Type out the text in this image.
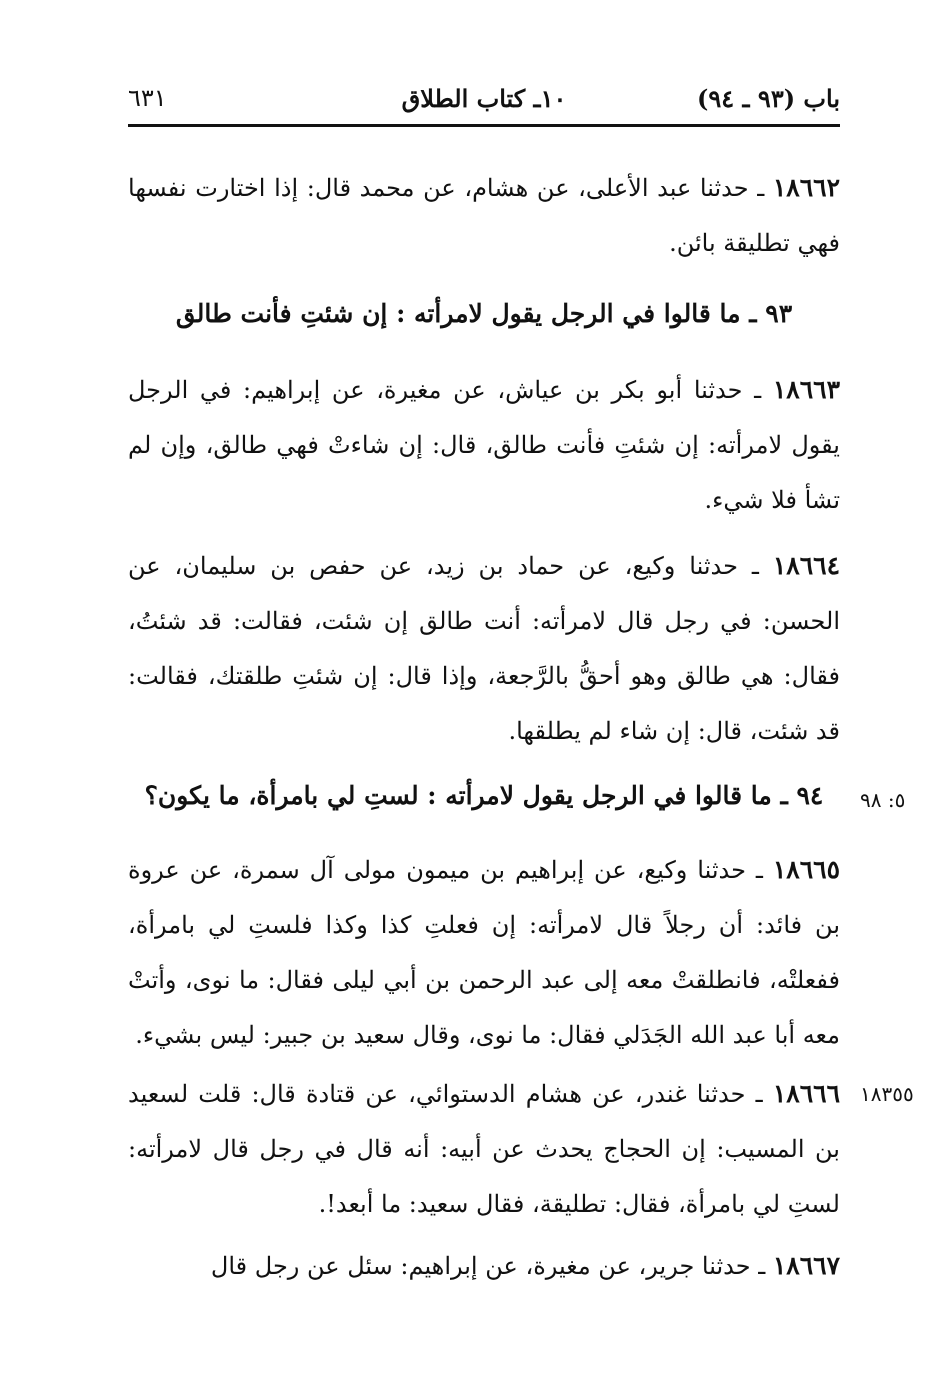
باب (٩٣ ـ ٩٤)
١٠ـ كتاب الطلاق
٦٣١
١٨٦٦٢ ـ حدثنا عبد الأعلى، عن هشام، عن محمد قال: إذا اختارت نفسها فهي تطليقة بائن.
٩٣ ـ ما قالوا في الرجل يقول لامرأته : إن شئتِ فأنت طالق
١٨٦٦٣ ـ حدثنا أبو بكر بن عياش، عن مغيرة، عن إبراهيم: في الرجل يقول لامرأته: إن شئتِ فأنت طالق، قال: إن شاءتْ فهي طالق، وإن لم تشأ فلا شيء.
١٨٦٦٤ ـ حدثنا وكيع، عن حماد بن زيد، عن حفص بن سليمان، عن الحسن: في رجل قال لامرأته: أنت طالق إن شئت، فقالت: قد شئتُ، فقال: هي طالق وهو أحقُّ بالرَّجعة، وإذا قال: إن شئتِ طلقتك، فقالت: قد شئت، قال: إن شاء لم يطلقها.
٩٤ ـ ما قالوا في الرجل يقول لامرأته : لستِ لي بامرأة، ما يكون؟	٥: ٩٨
١٨٦٦٥ ـ حدثنا وكيع، عن إبراهيم بن ميمون مولى آل سمرة، عن عروة بن فائد: أن رجلاً قال لامرأته: إن فعلتِ كذا وكذا فلستِ لي بامرأة، ففعلتْه، فانطلقتْ معه إلى عبد الرحمن بن أبي ليلى فقال: ما نوى، وأتتْ معه أبا عبد الله الجَدَلي فقال: ما نوى، وقال سعيد بن جبير: ليس بشيء.
١٨٦٦٦ ـ حدثنا غندر، عن هشام الدستوائي، عن قتادة قال: قلت لسعيد بن المسيب: إن الحجاج يحدث عن أبيه: أنه قال في رجل قال لامرأته: لستِ لي بامرأة، فقال: تطليقة، فقال سعيد: ما أبعد!.
١٨٣٥٥
١٨٦٦٧ ـ حدثنا جرير، عن مغيرة، عن إبراهيم: سئل عن رجل قال
